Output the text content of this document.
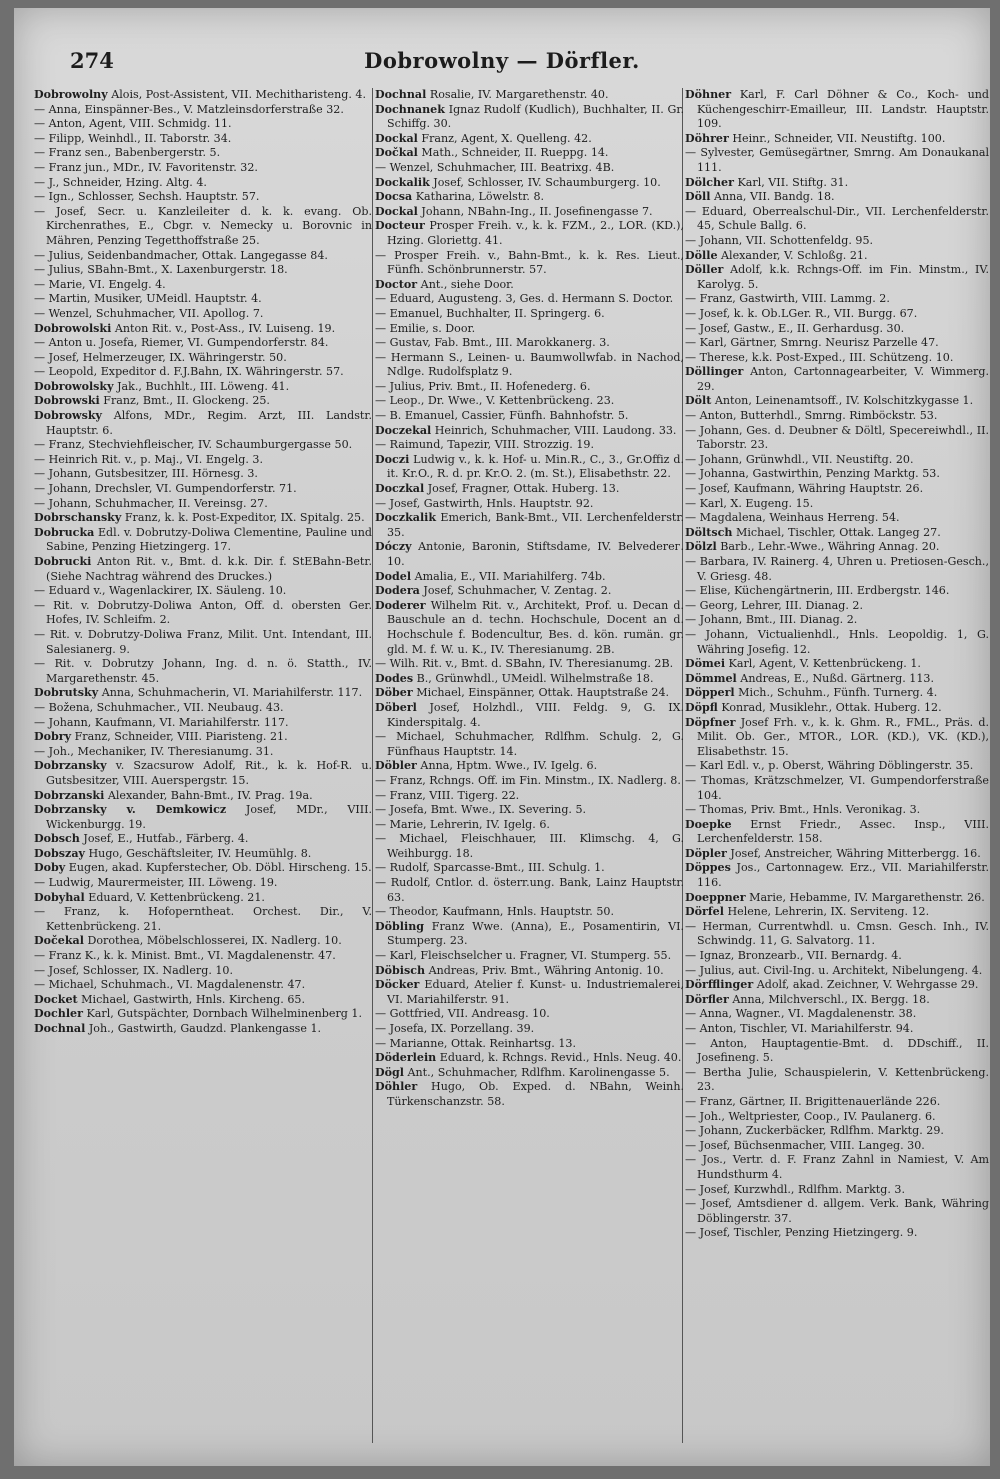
274	Dobrowolny — Dörfler.

Dobrowolny Alois, Post-Assistent, VII. Mechitharisteng. 4.

— Anna, Einspänner-Bes., V. Matzleinsdorferstraße 32.

— Anton, Agent, VIII. Schmidg. 11.

— Filipp, Weinhdl., II. Taborstr. 34.

— Franz sen., Babenbergerstr. 5.

— Franz jun., MDr., IV. Favoritenstr. 32.

— J., Schneider, Hzing. Altg. 4.

— Ign., Schlosser, Sechsh. Hauptstr. 57.

— Josef, Secr. u. Kanzleileiter d. k. k. evang. Ob. Kirchenrathes, E., Cbgr. v. Nemecky u. Borovnic in Mähren, Penzing Tegetthoffstraße 25.

— Julius, Seidenbandmacher, Ottak. Langegasse 84.

— Julius, SBahn-Bmt., X. Laxenburgerstr. 18.

— Marie, VI. Engelg. 4.

— Martin, Musiker, UMeidl. Hauptstr. 4.

— Wenzel, Schuhmacher, VII. Apollog. 7.

Dobrowolski Anton Rit. v., Post-Ass., IV. Luiseng. 19.

— Anton u. Josefa, Riemer, VI. Gumpendorferstr. 84.

— Josef, Helmerzeuger, IX. Währingerstr. 50.

— Leopold, Expeditor d. F.J.Bahn, IX. Währingerstr. 57.

Dobrowolsky Jak., Buchhlt., III. Löweng. 41.

Dobrowski Franz, Bmt., II. Glockeng. 25.

Dobrowsky Alfons, MDr., Regim. Arzt, III. Landstr. Hauptstr. 6.

— Franz, Stechviehfleischer, IV. Schaumburgergasse 50.

— Heinrich Rit. v., p. Maj., VI. Engelg. 3.

— Johann, Gutsbesitzer, III. Hörnesg. 3.

— Johann, Drechsler, VI. Gumpendorferstr. 71.

— Johann, Schuhmacher, II. Vereinsg. 27.

Dobrschansky Franz, k. k. Post-Expeditor, IX. Spitalg. 25.

Dobrucka Edl. v. Dobrutzy-Doliwa Clementine, Pauline und Sabine, Penzing Hietzingerg. 17.

Dobrucki Anton Rit. v., Bmt. d. k.k. Dir. f. StEBahn-Betr. (Siehe Nachtrag während des Druckes.)

— Eduard v., Wagenlackirer, IX. Säuleng. 10.

— Rit. v. Dobrutzy-Doliwa Anton, Off. d. obersten Ger. Hofes, IV. Schleifm. 2.

— Rit. v. Dobrutzy-Doliwa Franz, Milit. Unt. Intendant, III. Salesianerg. 9.

— Rit. v. Dobrutzy Johann, Ing. d. n. ö. Statth., IV. Margarethenstr. 45.

Dobrutsky Anna, Schuhmacherin, VI. Mariahilferstr. 117.

— Božena, Schuhmacher., VII. Neubaug. 43.

— Johann, Kaufmann, VI. Mariahilferstr. 117.

Dobry Franz, Schneider, VIII. Piaristeng. 21.

— Joh., Mechaniker, IV. Theresianumg. 31.

Dobrzansky v. Szacsurow Adolf, Rit., k. k. Hof-R. u. Gutsbesitzer, VIII. Auerspergstr. 15.

Dobrzanski Alexander, Bahn-Bmt., IV. Prag. 19a.

Dobrzansky v. Demkowicz Josef, MDr., VIII. Wickenburgg. 19.

Dobsch Josef, E., Hutfab., Färberg. 4.

Dobszay Hugo, Geschäftsleiter, IV. Heumühlg. 8.

Doby Eugen, akad. Kupferstecher, Ob. Döbl. Hirscheng. 15.

— Ludwig, Maurermeister, III. Löweng. 19.

Dobyhal Eduard, V. Kettenbrückeng. 21.

— Franz, k. Hofoperntheat. Orchest. Dir., V. Kettenbrückeng. 21.

Dočekal Dorothea, Möbelschlosserei, IX. Nadlerg. 10.

— Franz K., k. k. Minist. Bmt., VI. Magdalenenstr. 47.

— Josef, Schlosser, IX. Nadlerg. 10.

— Michael, Schuhmach., VI. Magdalenenstr. 47.

Docket Michael, Gastwirth, Hnls. Kircheng. 65.

Dochler Karl, Gutspächter, Dornbach Wilhelminenberg 1.

Dochnal Joh., Gastwirth, Gaudzd. Plankengasse 1.

Dochnal Rosalie, IV. Margarethenstr. 40.

Dochnanek Ignaz Rudolf (Kudlich), Buchhalter, II. Gr. Schiffg. 30.

Dockal Franz, Agent, X. Quelleng. 42.

Dočkal Math., Schneider, II. Rueppg. 14.

— Wenzel, Schuhmacher, III. Beatrixg. 4B.

Dockalik Josef, Schlosser, IV. Schaumburgerg. 10.

Docsa Katharina, Löwelstr. 8.

Dockal Johann, NBahn-Ing., II. Josefinengasse 7.

Docteur Prosper Freih. v., k. k. FZM., 2., LOR. (KD.), Hzing. Gloriettg. 41.

— Prosper Freih. v., Bahn-Bmt., k. k. Res. Lieut., Fünfh. Schönbrunnerstr. 57.

Doctor Ant., siehe Door.

— Eduard, Augusteng. 3, Ges. d. Hermann S. Doctor.

— Emanuel, Buchhalter, II. Springerg. 6.

— Emilie, s. Door.

— Gustav, Fab. Bmt., III. Marokkanerg. 3.

— Hermann S., Leinen- u. Baumwollwfab. in Nachod, Ndlge. Rudolfsplatz 9.

— Julius, Priv. Bmt., II. Hofenederg. 6.

— Leop., Dr. Wwe., V. Kettenbrückeng. 23.

— B. Emanuel, Cassier, Fünfh. Bahnhofstr. 5.

Doczekal Heinrich, Schuhmacher, VIII. Laudong. 33.

— Raimund, Tapezir, VIII. Strozzig. 19.

Doczi Ludwig v., k. k. Hof- u. Min.R., C., 3., Gr.Offiz d. it. Kr.O., R. d. pr. Kr.O. 2. (m. St.), Elisabethstr. 22.

Doczkal Josef, Fragner, Ottak. Huberg. 13.

— Josef, Gastwirth, Hnls. Hauptstr. 92.

Doczkalik Emerich, Bank-Bmt., VII. Lerchenfelderstr. 35.

Dóczy Antonie, Baronin, Stiftsdame, IV. Belvederег. 10.

Dodel Amalia, E., VII. Mariahilferg. 74b.

Dodera Josef, Schuhmacher, V. Zentag. 2.

Doderer Wilhelm Rit. v., Architekt, Prof. u. Decan d. Bauschule an d. techn. Hochschule, Docent an d. Hochschule f. Bodencultur, Bes. d. kön. rumän. gr. gld. M. f. W. u. K., IV. Theresianumg. 2B.

— Wilh. Rit. v., Bmt. d. SBahn, IV. Theresianumg. 2B.

Dodes B., Grünwhdl., UMeidl. Wilhelmstraße 18.

Döber Michael, Einspänner, Ottak. Hauptstraße 24.

Döberl Josef, Holzhdl., VIII. Feldg. 9, G. IX. Kinderspitalg. 4.

— Michael, Schuhmacher, Rdlfhm. Schulg. 2, G. Fünfhaus Hauptstr. 14.

Döbler Anna, Hptm. Wwe., IV. Igelg. 6.

— Franz, Rchngs. Off. im Fin. Minstm., IX. Nadlerg. 8.

— Franz, VIII. Tigerg. 22.

— Josefa, Bmt. Wwe., IX. Severing. 5.

— Marie, Lehrerin, IV. Igelg. 6.

— Michael, Fleischhauer, III. Klimschg. 4, G. Weihburgg. 18.

— Rudolf, Sparcasse-Bmt., III. Schulg. 1.

— Rudolf, Cntlor. d. österr.ung. Bank, Lainz Hauptstr. 63.

— Theodor, Kaufmann, Hnls. Hauptstr. 50.

Döbling Franz Wwe. (Anna), E., Posamentirin, VI. Stumperg. 23.

— Karl, Fleischselcher u. Fragner, VI. Stumperg. 55.

Döbisch Andreas, Priv. Bmt., Währing Antonig. 10.

Döcker Eduard, Atelier f. Kunst- u. Industriemalerei, VI. Mariahilferstr. 91.

— Gottfried, VII. Andreasg. 10.

— Josefa, IX. Porzellang. 39.

— Marianne, Ottak. Reinhartsg. 13.

Döderlein Eduard, k. Rchngs. Revid., Hnls. Neug. 40.

Dögl Ant., Schuhmacher, Rdlfhm. Karolinengasse 5.

Döhler Hugo, Ob. Exped. d. NBahn, Weinh. Türkenschanzstr. 58.

Döhner Karl, F. Carl Döhner & Co., Koch- und Küchengeschirr-Emailleur, III. Landstr. Hauptstr. 109.

Döhrer Heinr., Schneider, VII. Neustiftg. 100.

— Sylvester, Gemüsegärtner, Smrng. Am Donaukanal 111.

Dölcher Karl, VII. Stiftg. 31.

Döll Anna, VII. Bandg. 18.

— Eduard, Oberrealschul-Dir., VII. Lerchenfelderstr. 45, Schule Ballg. 6.

— Johann, VII. Schottenfeldg. 95.

Dölle Alexander, V. Schloßg. 21.

Döller Adolf, k.k. Rchngs-Off. im Fin. Minstm., IV. Karolyg. 5.

— Franz, Gastwirth, VIII. Lammg. 2.

— Josef, k. k. Ob.LGer. R., VII. Burgg. 67.

— Josef, Gastw., E., II. Gerhardusg. 30.

— Karl, Gärtner, Smrng. Neurisz Parzelle 47.

— Therese, k.k. Post-Exped., III. Schützeng. 10.

Döllinger Anton, Cartonnagearbeiter, V. Wimmerg. 29.

Dölt Anton, Leinenamtsoff., IV. Kolschitzkygasse 1.

— Anton, Butterhdl., Smrng. Rimböckstr. 53.

— Johann, Ges. d. Deubner & Döltl, Specereiwhdl., II. Taborstr. 23.

— Johann, Grünwhdl., VII. Neustiftg. 20.

— Johanna, Gastwirthin, Penzing Marktg. 53.

— Josef, Kaufmann, Währing Hauptstr. 26.

— Karl, X. Eugeng. 15.

— Magdalena, Weinhaus Herreng. 54.

Döltsch Michael, Tischler, Ottak. Langeg 27.

Dölzl Barb., Lehr.-Wwe., Währing Annag. 20.

— Barbara, IV. Rainerg. 4, Uhren u. Pretiosen-Gesch., V. Griesg. 48.

— Elise, Küchengärtnerin, III. Erdbergstr. 146.

— Georg, Lehrer, III. Dianag. 2.

— Johann, Bmt., III. Dianag. 2.

— Johann, Victualienhdl., Hnls. Leopoldig. 1, G. Währing Josefig. 12.

Dömei Karl, Agent, V. Kettenbrückeng. 1.

Dömmel Andreas, E., Nußd. Gärtnerg. 113.

Döpperl Mich., Schuhm., Fünfh. Turnerg. 4.

Döpfl Konrad, Musiklehr., Ottak. Huberg. 12.

Döpfner Josef Frh. v., k. k. Ghm. R., FML., Präs. d. Milit. Ob. Ger., MTOR., LOR. (KD.), VK. (KD.), Elisabethstr. 15.

— Karl Edl. v., p. Oberst, Währing Döblingerstr. 35.

— Thomas, Krätzschmelzer, VI. Gumpendorferstraße 104.

— Thomas, Priv. Bmt., Hnls. Veronikag. 3.

Doepke Ernst Friedr., Assec. Insp., VIII. Lerchenfelderstr. 158.

Döpler Josef, Anstreicher, Währing Mitterbergg. 16.

Döppes Jos., Cartonnagew. Erz., VII. Mariahilferstr. 116.

Doeppner Marie, Hebamme, IV. Margarethenstr. 26.

Dörfel Helene, Lehrerin, IX. Serviteng. 12.

— Herman, Currentwhdl. u. Cmsn. Gesch. Inh., IV. Schwindg. 11, G. Salvatorg. 11.

— Ignaz, Bronzearb., VII. Bernardg. 4.

— Julius, aut. Civil-Ing. u. Architekt, Nibelungeng. 4.

Dörfflinger Adolf, akad. Zeichner, V. Wehrgasse 29.

Dörfler Anna, Milchverschl., IX. Bergg. 18.

— Anna, Wagner., VI. Magdalenenstr. 38.

— Anton, Tischler, VI. Mariahilferstr. 94.

— Anton, Hauptagentie-Bmt. d. DDschiff., II. Josefineng. 5.

— Bertha Julie, Schauspielerin, V. Kettenbrückeng. 23.

— Franz, Gärtner, II. Brigittenauerlände 226.

— Joh., Weltpriester, Coop., IV. Paulanerg. 6.

— Johann, Zuckerbäcker, Rdlfhm. Marktg. 29.

— Josef, Büchsenmacher, VIII. Langeg. 30.

— Jos., Vertr. d. F. Franz Zahnl in Namiest, V. Am Hundsthurm 4.

— Josef, Kurzwhdl., Rdlfhm. Marktg. 3.

— Josef, Amtsdiener d. allgem. Verk. Bank, Währing Döblingerstr. 37.

— Josef, Tischler, Penzing Hietzingerg. 9.
